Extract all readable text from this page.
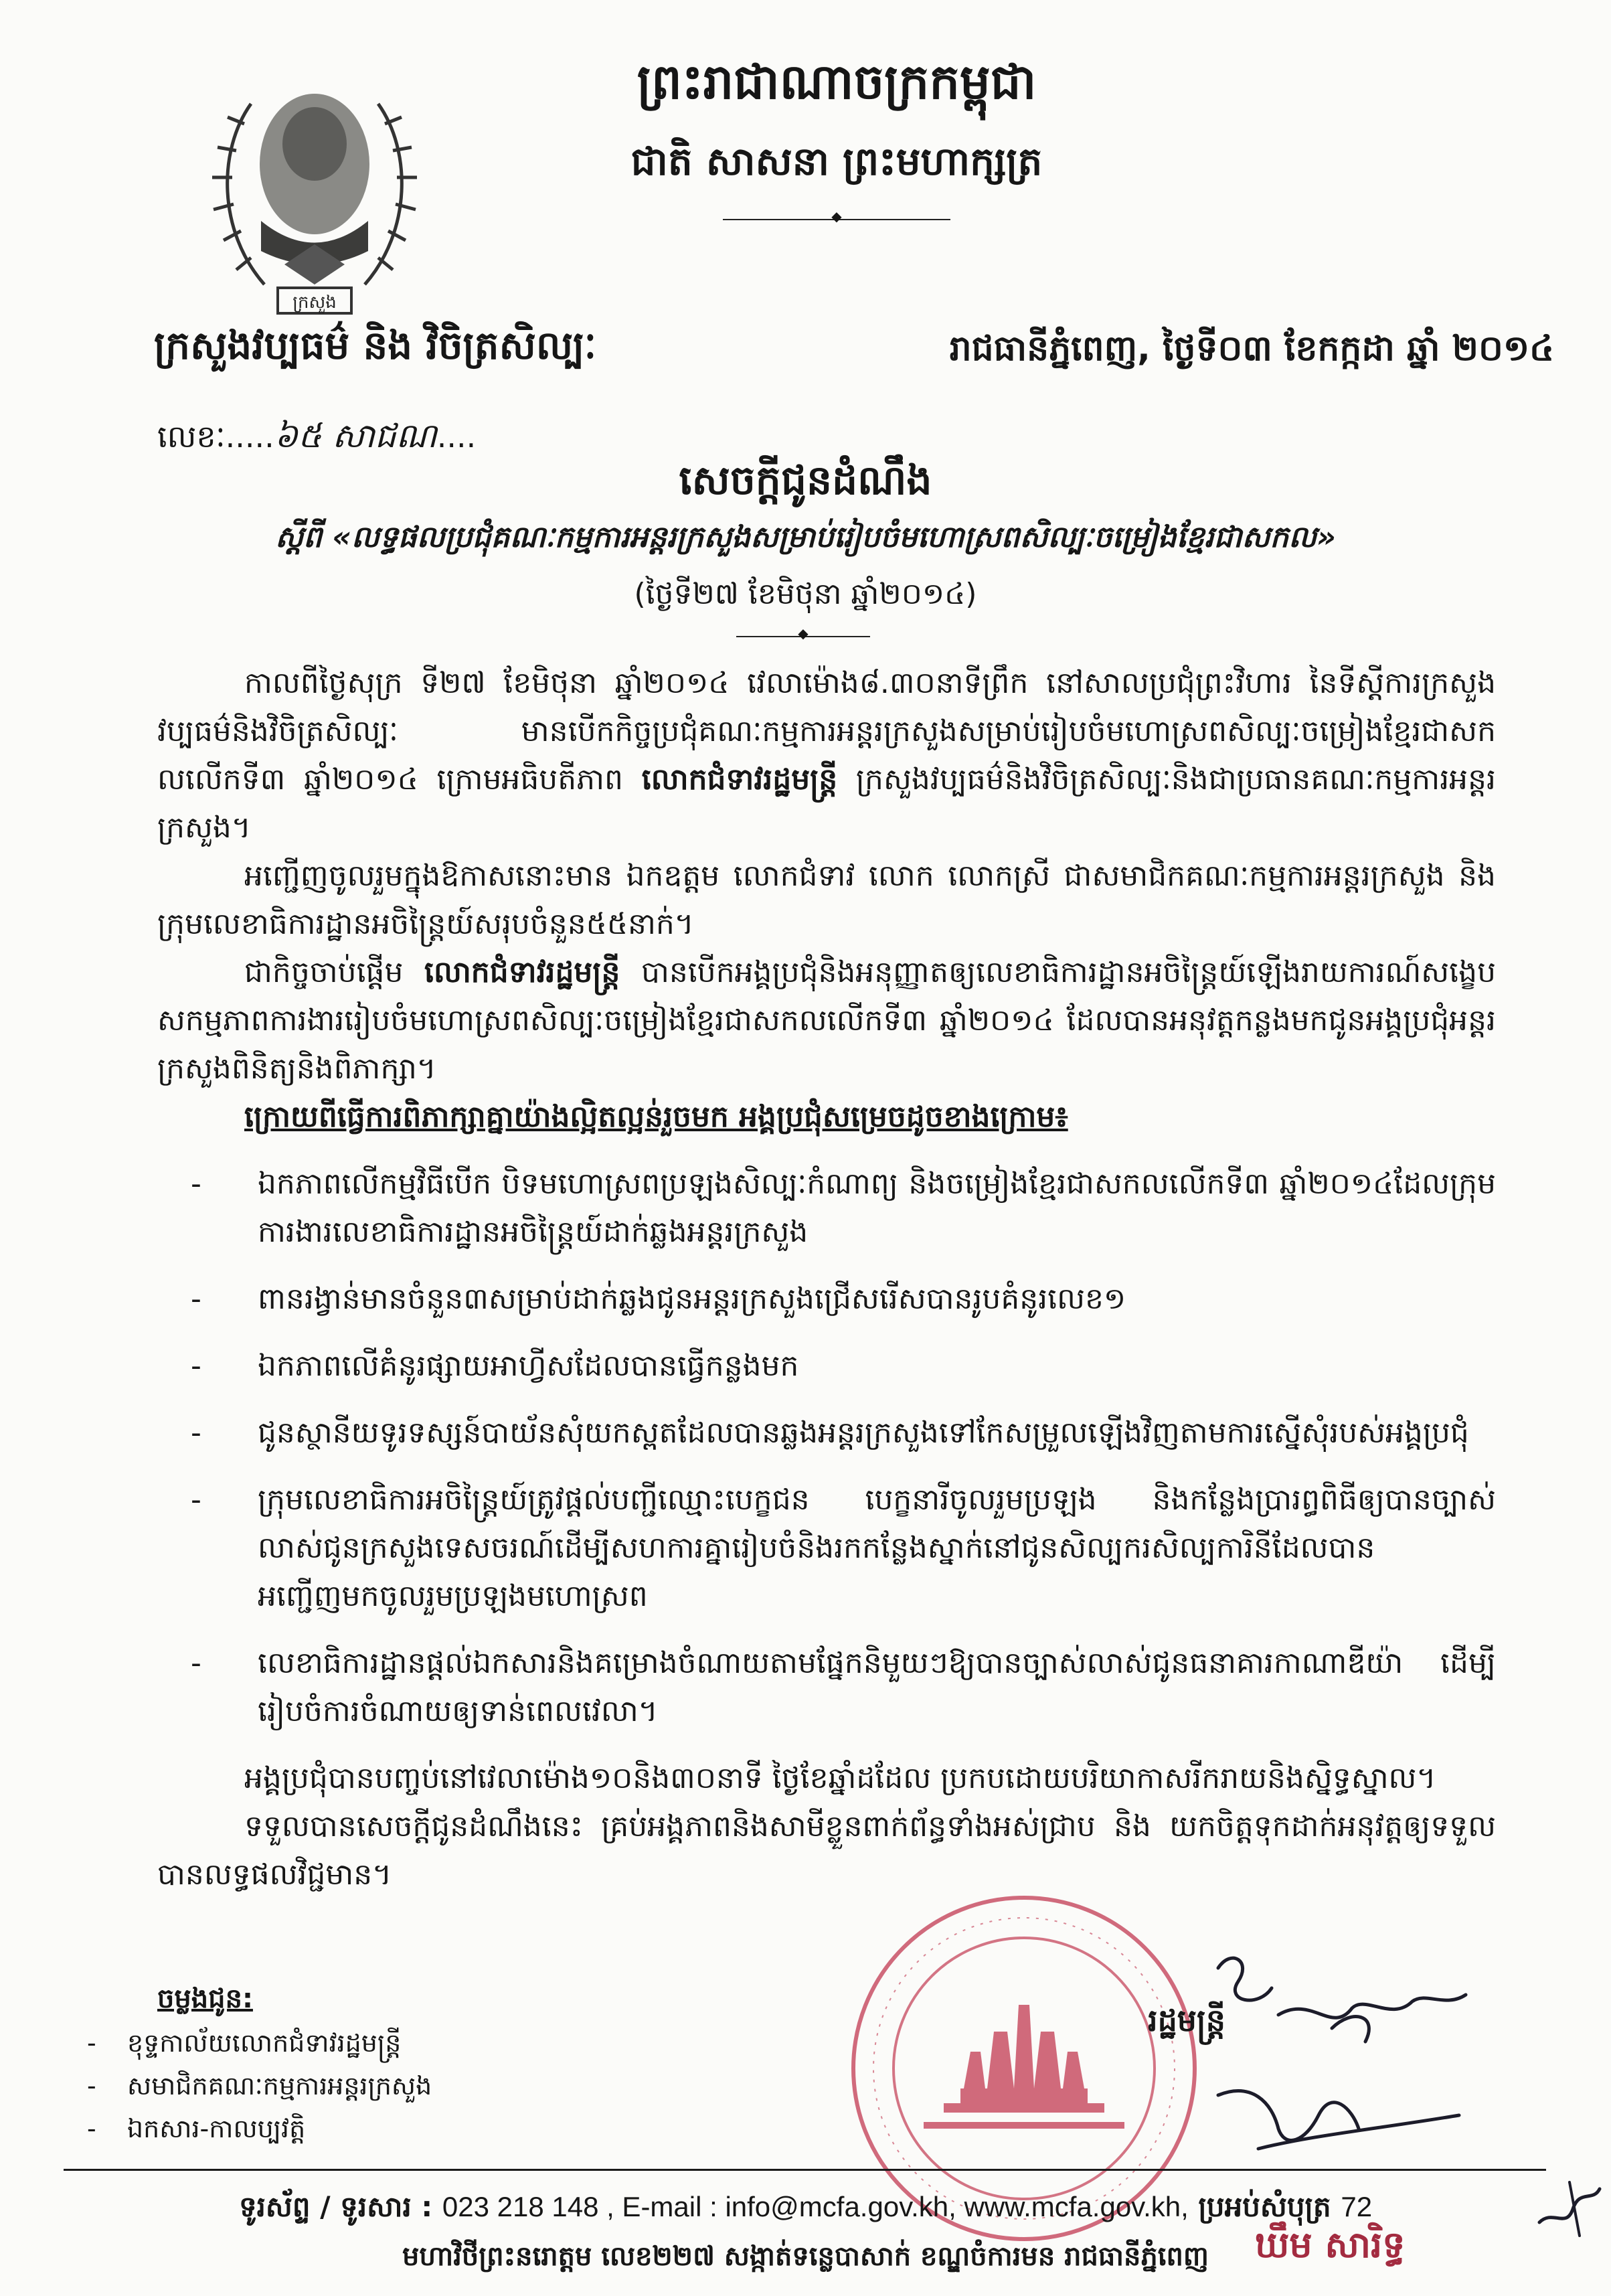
ព្រះរាជាណាចក្រកម្ពុជា
ជាតិ សាសនា ព្រះមហាក្សត្រ
◆
ក្រសួង
ក្រសួងវប្បធម៌ និង វិចិត្រសិល្បៈ	រាជធានីភ្នំពេញ, ថ្ងៃទី០៣ ខែកក្កដា ឆ្នាំ ២០១៤
លេខៈ.....៦៥ សាជណ....
សេចក្តីជូនដំណឹង
ស្តីពី «លទ្ធផលប្រជុំគណៈកម្មការអន្តរក្រសួងសម្រាប់រៀបចំមហោស្រពសិល្បៈចម្រៀងខ្មែរជាសកល»
(ថ្ងៃទី២៧ ខែមិថុនា ឆ្នាំ២០១៤)
◆

កាលពីថ្ងៃសុក្រ ទី២៧ ខែមិថុនា ឆ្នាំ២០១៤ វេលាម៉ោង៨.៣០នាទីព្រឹក នៅសាលប្រជុំព្រះវិហារ នៃទីស្តីការក្រសួងវប្បធម៌និងវិចិត្រសិល្បៈ មានបើកកិច្ចប្រជុំគណៈកម្មការអន្តរក្រសួងសម្រាប់រៀបចំមហោស្រពសិល្បៈចម្រៀងខ្មែរជាសកលលើកទី៣ ឆ្នាំ២០១៤ ក្រោមអធិបតីភាព លោកជំទាវរដ្ឋមន្ត្រី ក្រសួងវប្បធម៌និងវិចិត្រសិល្បៈនិងជាប្រធានគណៈកម្មការអន្តរក្រសួង។

អញ្ជើញចូលរួមក្នុងឱកាសនោះមាន ឯកឧត្តម លោកជំទាវ លោក លោកស្រី ជាសមាជិកគណៈកម្មការអន្តរក្រសួង និងក្រុមលេខាធិការដ្ឋានអចិន្ត្រៃយ៍សរុបចំនួន៥៥នាក់។

ជាកិច្ចចាប់ផ្តើម លោកជំទាវរដ្ឋមន្ត្រី បានបើកអង្គប្រជុំនិងអនុញ្ញាតឲ្យលេខាធិការដ្ឋានអចិន្ត្រៃយ៍ឡើងរាយការណ៍សង្ខេបសកម្មភាពការងាររៀបចំមហោស្រពសិល្បៈចម្រៀងខ្មែរជាសកលលើកទី៣ ឆ្នាំ២០១៤ ដែលបានអនុវត្តកន្លងមកជូនអង្គប្រជុំអន្តរក្រសួងពិនិត្យនិងពិភាក្សា។

ក្រោយពីធ្វើការពិភាក្សាគ្នាយ៉ាងល្អិតល្អន់រួចមក អង្គប្រជុំសម្រេចដូចខាងក្រោម៖

- ឯកភាពលើកម្មវិធីបើក បិទមហោស្រពប្រឡងសិល្បៈកំណាព្យ និងចម្រៀងខ្មែរជាសកលលើកទី៣ ឆ្នាំ២០១៤ដែលក្រុមការងារលេខាធិការដ្ឋានអចិន្ត្រៃយ៍ដាក់ឆ្លងអន្តរក្រសួង
- ពានរង្វាន់មានចំនួន៣សម្រាប់ដាក់ឆ្លងជូនអន្តរក្រសួងជ្រើសរើសបានរូបគំនូរលេខ១
- ឯកភាពលើគំនូរផ្សាយអាហ្វីសដែលបានធ្វើកន្លងមក
- ជូនស្ថានីយទូរទស្សន៍បាយ័នសុំយកស្ពតដែលបានឆ្លងអន្តរក្រសួងទៅកែសម្រួលឡើងវិញតាមការស្នើសុំរបស់អង្គប្រជុំ
- ក្រុមលេខាធិការអចិន្ត្រៃយ៍ត្រូវផ្តល់បញ្ជីឈ្មោះបេក្ខជន បេក្ខនារីចូលរួមប្រឡង និងកន្លែងប្រារព្ធពិធីឲ្យបានច្បាស់លាស់ជូនក្រសួងទេសចរណ៍ដើម្បីសហការគ្នារៀបចំនិងរកកន្លែងស្នាក់នៅជូនសិល្បករសិល្បការិនីដែលបានអញ្ជើញមកចូលរួមប្រឡងមហោស្រព
- លេខាធិការដ្ឋានផ្តល់ឯកសារនិងគម្រោងចំណាយតាមផ្នែកនិមួយៗឱ្យបានច្បាស់លាស់ជូនធនាគារកាណាឌីយ៉ា ដើម្បីរៀបចំការចំណាយឲ្យទាន់ពេលវេលា។

អង្គប្រជុំបានបញ្ចប់នៅវេលាម៉ោង១០និង៣០នាទី ថ្ងៃខែឆ្នាំដដែល ប្រកបដោយបរិយាកាសរីករាយនិងស្និទ្ធស្នាល។

ទទួលបានសេចក្តីជូនដំណឹងនេះ គ្រប់អង្គភាពនិងសាមីខ្លួនពាក់ព័ន្ធទាំងអស់ជ្រាប និង យកចិត្តទុកដាក់អនុវត្តឲ្យទទួលបានលទ្ធផលវិជ្ជមាន។

ចម្លងជូន:
- ខុទ្ទកាល័យលោកជំទាវរដ្ឋមន្ត្រី
- សមាជិកគណៈកម្មការអន្តរក្រសួង
- ឯកសារ-កាលប្បវត្តិ
រដ្ឋមន្ត្រី
ឃឹម សារិទ្ធ
ទូរស័ព្ទ / ទូរសារ : 023 218 148 , E-mail : info@mcfa.gov.kh, www.mcfa.gov.kh, ប្រអប់សំបុត្រ 72
មហាវិថីព្រះនរោត្តម លេខ២២៧ សង្កាត់ទន្លេបាសាក់ ខណ្ឌចំការមន រាជធានីភ្នំពេញ
